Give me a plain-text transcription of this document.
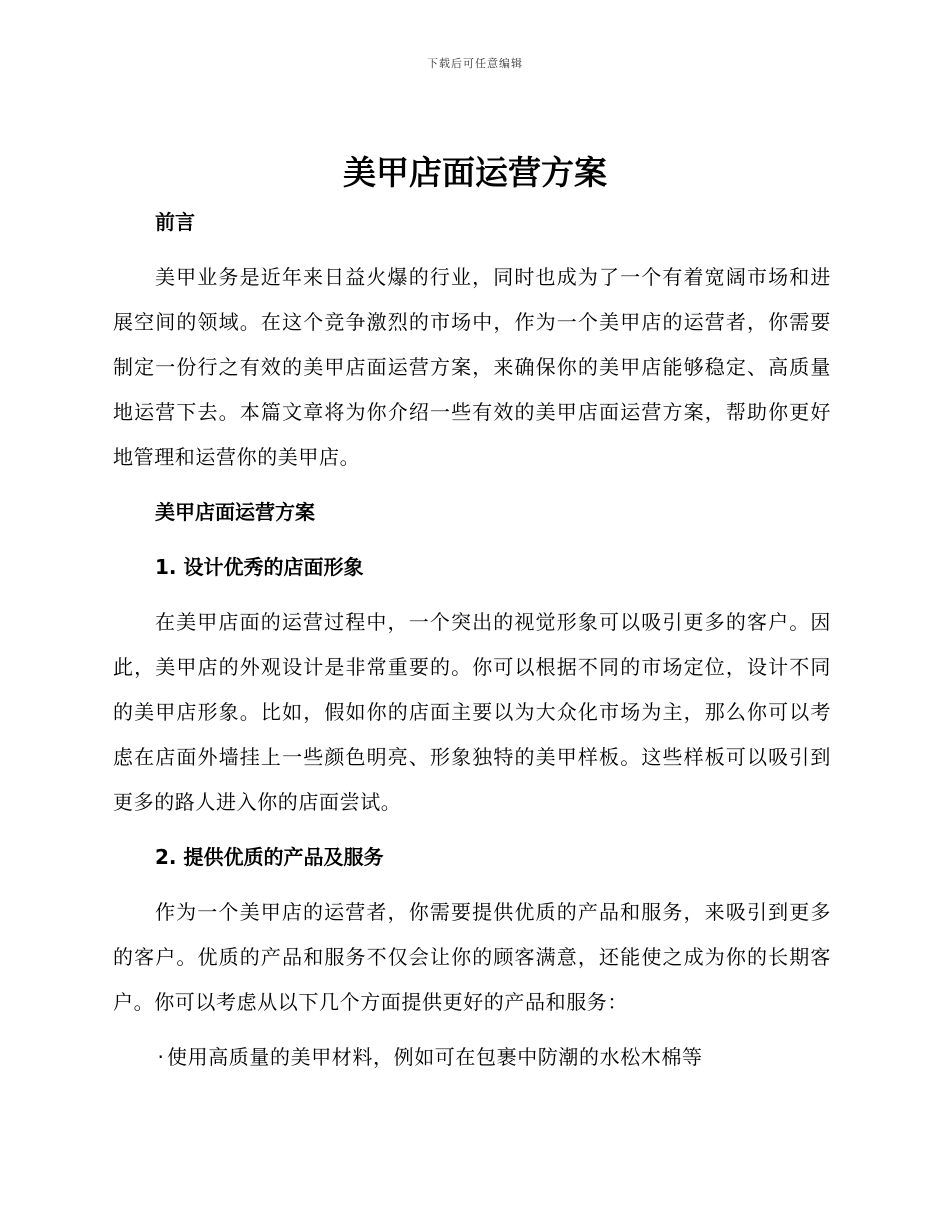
下载后可任意编辑
美甲店面运营方案

前言

美甲业务是近年来日益火爆的行业，同时也成为了一个有着宽阔市场和进展空间的领域。在这个竞争激烈的市场中，作为一个美甲店的运营者，你需要制定一份行之有效的美甲店面运营方案，来确保你的美甲店能够稳定、高质量地运营下去。本篇文章将为你介绍一些有效的美甲店面运营方案，帮助你更好地管理和运营你的美甲店。

美甲店面运营方案

1. 设计优秀的店面形象

在美甲店面的运营过程中，一个突出的视觉形象可以吸引更多的客户。因此，美甲店的外观设计是非常重要的。你可以根据不同的市场定位，设计不同的美甲店形象。比如，假如你的店面主要以为大众化市场为主，那么你可以考虑在店面外墙挂上一些颜色明亮、形象独特的美甲样板。这些样板可以吸引到更多的路人进入你的店面尝试。

2. 提供优质的产品及服务

作为一个美甲店的运营者，你需要提供优质的产品和服务，来吸引到更多的客户。优质的产品和服务不仅会让你的顾客满意，还能使之成为你的长期客户。你可以考虑从以下几个方面提供更好的产品和服务：

· 使用高质量的美甲材料，例如可在包裹中防潮的水松木棉等
